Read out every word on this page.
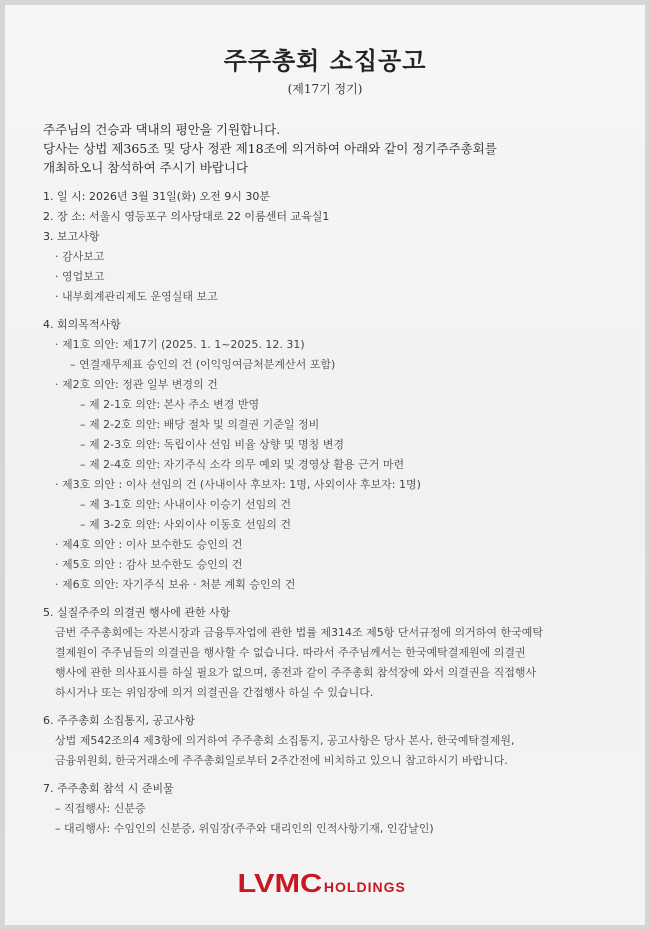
주주총회 소집공고
(제17기 정기)
주주님의 건승과 댁내의 평안을 기원합니다.
당사는 상법 제365조 및 당사 정관 제18조에 의거하여 아래와 같이 정기주주총회를
개최하오니 참석하여 주시기 바랍니다
1. 일 시: 2026년 3월 31일(화) 오전 9시 30분
2. 장 소: 서울시 영등포구 의사당대로 22 이룸센터 교육실1
3. 보고사항
· 감사보고
· 영업보고
· 내부회계관리제도 운영실태 보고
4. 회의목적사항
· 제1호 의안: 제17기 (2025. 1. 1~2025. 12. 31)
– 연결재무제표 승인의 건 (이익잉여금처분계산서 포함)
· 제2호 의안: 정관 일부 변경의 건
– 제 2-1호 의안: 본사 주소 변경 반영
– 제 2-2호 의안: 배당 절차 및 의결권 기준일 정비
– 제 2-3호 의안: 독립이사 선임 비율 상향 및 명칭 변경
– 제 2-4호 의안: 자기주식 소각 의무 예외 및 경영상 활용 근거 마련
· 제3호 의안 : 이사 선임의 건 (사내이사 후보자: 1명, 사외이사 후보자: 1명)
– 제 3-1호 의안: 사내이사 이승기 선임의 건
– 제 3-2호 의안: 사외이사 이동호 선임의 건
· 제4호 의안 : 이사 보수한도 승인의 건
· 제5호 의안 : 감사 보수한도 승인의 건
· 제6호 의안: 자기주식 보유 · 처분 계획 승인의 건
5. 실질주주의 의결권 행사에 관한 사항
금번 주주총회에는 자본시장과 금융투자업에 관한 법률 제314조 제5항 단서규정에 의거하여 한국예탁
결제원이 주주님들의 의결권을 행사할 수 없습니다. 따라서 주주님께서는 한국예탁결제원에 의결권
행사에 관한 의사표시를 하실 필요가 없으며, 종전과 같이 주주총회 참석장에 와서 의결권을 직접행사
하시거나 또는 위임장에 의거 의결권을 간접행사 하실 수 있습니다.
6. 주주총회 소집통지, 공고사항
상법 제542조의4 제3항에 의거하여 주주총회 소집통지, 공고사항은 당사 본사, 한국예탁결제원,
금융위원회, 한국거래소에 주주총회일로부터 2주간전에 비치하고 있으니 참고하시기 바랍니다.
7. 주주총회 참석 시 준비물
– 직접행사: 신분증
– 대리행사: 수임인의 신분증, 위임장(주주와 대리인의 인적사항기재, 인감날인)
LVMC HOLDINGS
